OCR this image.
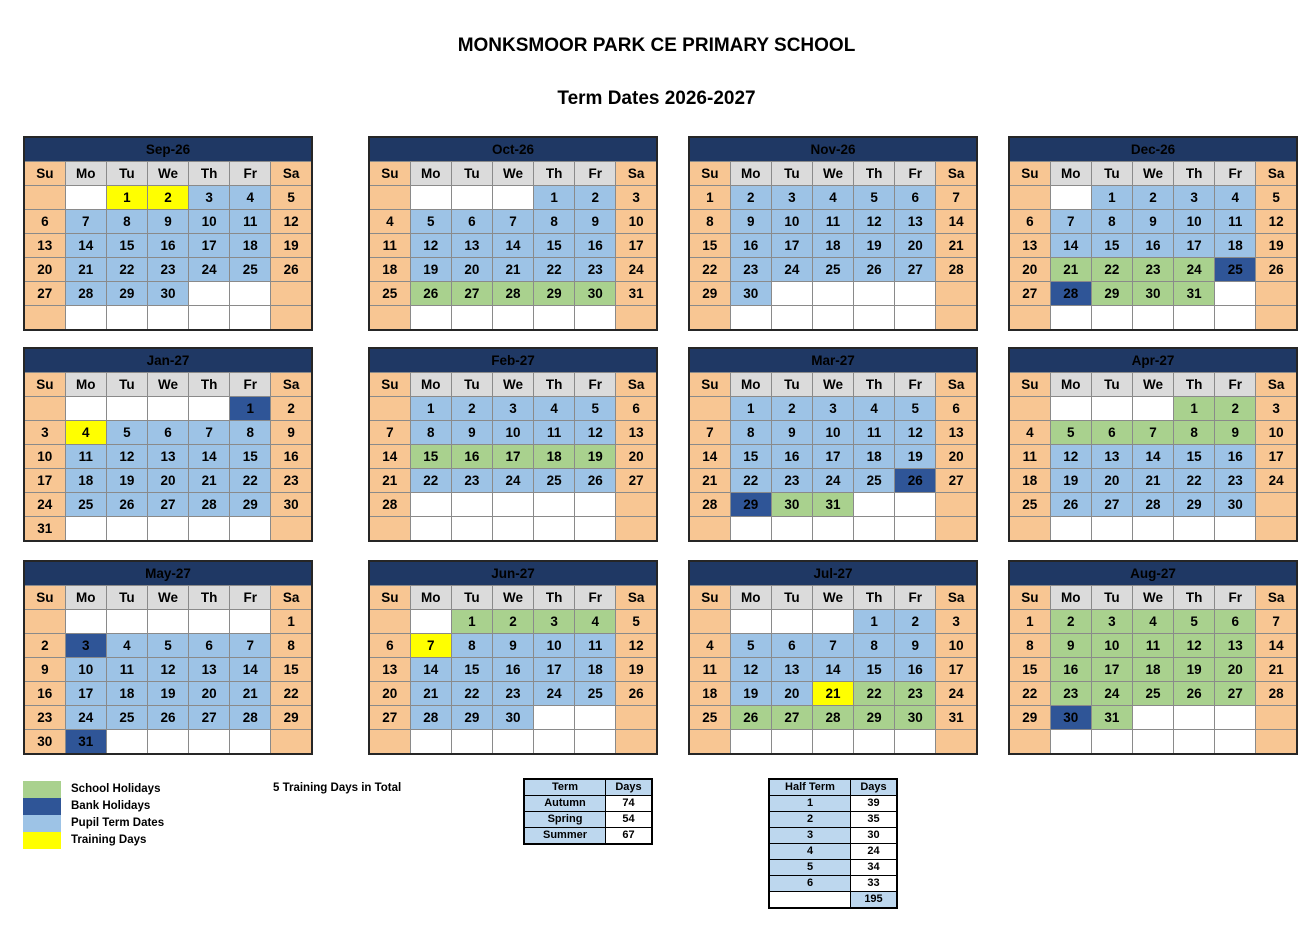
MONKSMOOR PARK CE PRIMARY SCHOOL
Term Dates 2026-2027
Sep-26						
Su	Mo	Tu	We	Th	Fr	Sa
		1	2	3	4	5
6	7	8	9	10	11	12
13	14	15	16	17	18	19
20	21	22	23	24	25	26
27	28	29	30			

Oct-26						
Su	Mo	Tu	We	Th	Fr	Sa
				1	2	3
4	5	6	7	8	9	10
11	12	13	14	15	16	17
18	19	20	21	22	23	24
25	26	27	28	29	30	31

Nov-26						
Su	Mo	Tu	We	Th	Fr	Sa
1	2	3	4	5	6	7
8	9	10	11	12	13	14
15	16	17	18	19	20	21
22	23	24	25	26	27	28
29	30					

Dec-26						
Su	Mo	Tu	We	Th	Fr	Sa
		1	2	3	4	5
6	7	8	9	10	11	12
13	14	15	16	17	18	19
20	21	22	23	24	25	26
27	28	29	30	31		

Jan-27						
Su	Mo	Tu	We	Th	Fr	Sa
					1	2
3	4	5	6	7	8	9
10	11	12	13	14	15	16
17	18	19	20	21	22	23
24	25	26	27	28	29	30
31						
Feb-27						
Su	Mo	Tu	We	Th	Fr	Sa
	1	2	3	4	5	6
7	8	9	10	11	12	13
14	15	16	17	18	19	20
21	22	23	24	25	26	27
28						

Mar-27						
Su	Mo	Tu	We	Th	Fr	Sa
	1	2	3	4	5	6
7	8	9	10	11	12	13
14	15	16	17	18	19	20
21	22	23	24	25	26	27
28	29	30	31			

Apr-27						
Su	Mo	Tu	We	Th	Fr	Sa
				1	2	3
4	5	6	7	8	9	10
11	12	13	14	15	16	17
18	19	20	21	22	23	24
25	26	27	28	29	30	

May-27						
Su	Mo	Tu	We	Th	Fr	Sa
						1
2	3	4	5	6	7	8
9	10	11	12	13	14	15
16	17	18	19	20	21	22
23	24	25	26	27	28	29
30	31					
Jun-27						
Su	Mo	Tu	We	Th	Fr	Sa
		1	2	3	4	5
6	7	8	9	10	11	12
13	14	15	16	17	18	19
20	21	22	23	24	25	26
27	28	29	30			

Jul-27						
Su	Mo	Tu	We	Th	Fr	Sa
				1	2	3
4	5	6	7	8	9	10
11	12	13	14	15	16	17
18	19	20	21	22	23	24
25	26	27	28	29	30	31

Aug-27						
Su	Mo	Tu	We	Th	Fr	Sa
1	2	3	4	5	6	7
8	9	10	11	12	13	14
15	16	17	18	19	20	21
22	23	24	25	26	27	28
29	30	31				

School Holidays
Bank Holidays
Pupil Term Dates
Training Days
5 Training Days in Total	Term	Days
Autumn	74
Spring	54
Summer	67
Half Term	Days
1	39
2	35
3	30
4	24
5	34
6	33
	195
